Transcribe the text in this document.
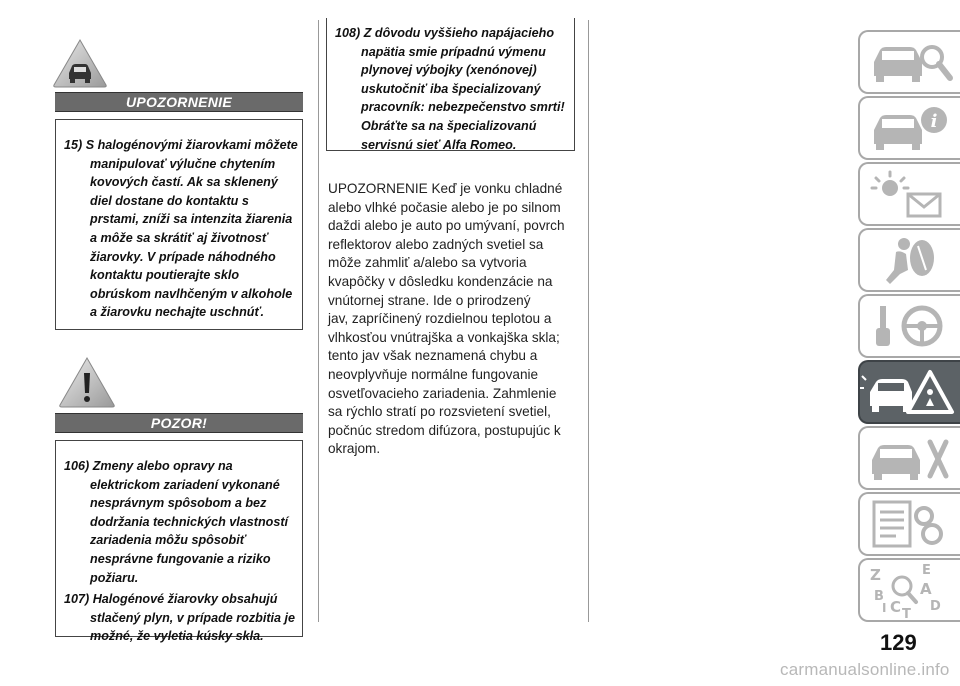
UPOZORNENIE

15) S halogénovými žiarovkami môžete manipulovať výlučne chytením kovových častí. Ak sa sklenený diel dostane do kontaktu s prstami, zníži sa intenzita žiarenia a môže sa skrátiť aj životnosť žiarovky. V prípade náhodného kontaktu poutierajte sklo obrúskom navlhčeným v alkohole a žiarovku nechajte uschnúť.

POZOR!

106) Zmeny alebo opravy na elektrickom zariadení vykonané nesprávnym spôsobom a bez dodržania technických vlastností zariadenia môžu spôsobiť nesprávne fungovanie a riziko požiaru.

107) Halogénové žiarovky obsahujú stlačený plyn, v prípade rozbitia je možné, že vyletia kúsky skla.

108) Z dôvodu vyššieho napájacieho napätia smie prípadnú výmenu plynovej výbojky (xenónovej) uskutočniť iba špecializovaný pracovník: nebezpečenstvo smrti! Obráťte sa na špecializovanú servisnú sieť Alfa Romeo.

UPOZORNENIE Keď je vonku chladné
alebo vlhké počasie alebo je po silnom
daždi alebo je auto po umývaní, povrch
reflektorov alebo zadných svetiel sa
môže zahmliť a/alebo sa vytvoria
kvapôčky v dôsledku kondenzácie na
vnútornej strane. Ide o prirodzený
jav, zapríčinený rozdielnou teplotou a
vlhkosťou vnútrajška a vonkajška skla;
tento jav však neznamená chybu a
neovplyvňuje normálne fungovanie
osvetľovacieho zariadenia. Zahmlenie
sa rýchlo stratí po rozsvietení svetiel,
počnúc stredom difúzora, postupujúc k
okrajom.
i
Z	E
B A
C D
T
I
129
carmanualsonline.info
